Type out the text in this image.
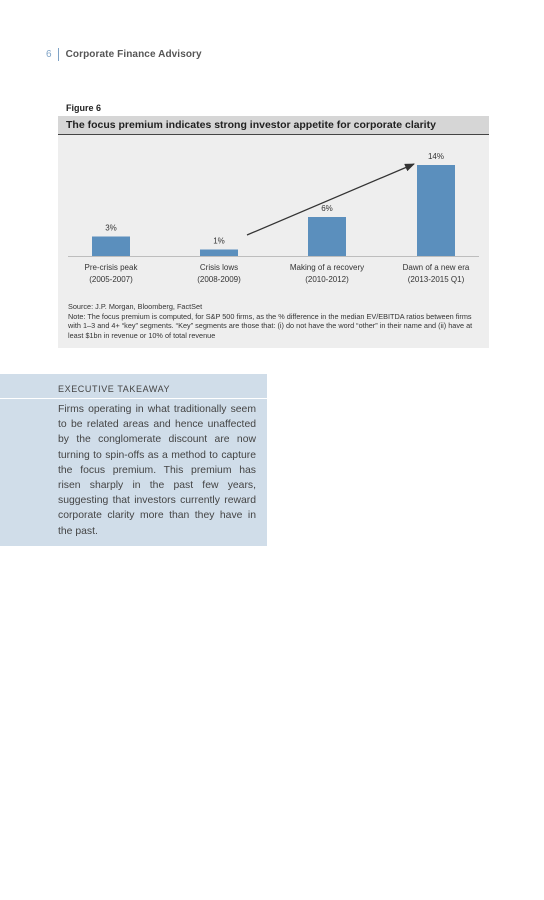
6 Corporate Finance Advisory
Figure 6
The focus premium indicates strong investor appetite for corporate clarity
3%
Pre-crisis peak
(2005-2007)
1%
Crisis lows
(2008-2009)
6%
Making of a recovery
(2010-2012)
14%
Dawn of a new era
(2013-2015 Q1)
Source: J.P. Morgan, Bloomberg, FactSet
Note: The focus premium is computed, for S&P 500 firms, as the % difference in the median EV/EBITDA ratios between firms with 1–3 and 4+ “key” segments. “Key” segments are those that: (i) do not have the word “other” in their name and (ii) have at least $1bn in revenue or 10% of total revenue
EXECUTIVE TAKEAWAY
Firms operating in what traditionally seem to be related areas and hence unaffected by the conglomerate discount are now turning to spin-offs as a method to capture the focus premium. This premium has risen sharply in the past few years, suggesting that investors currently reward corporate clarity more than they have in the past.
